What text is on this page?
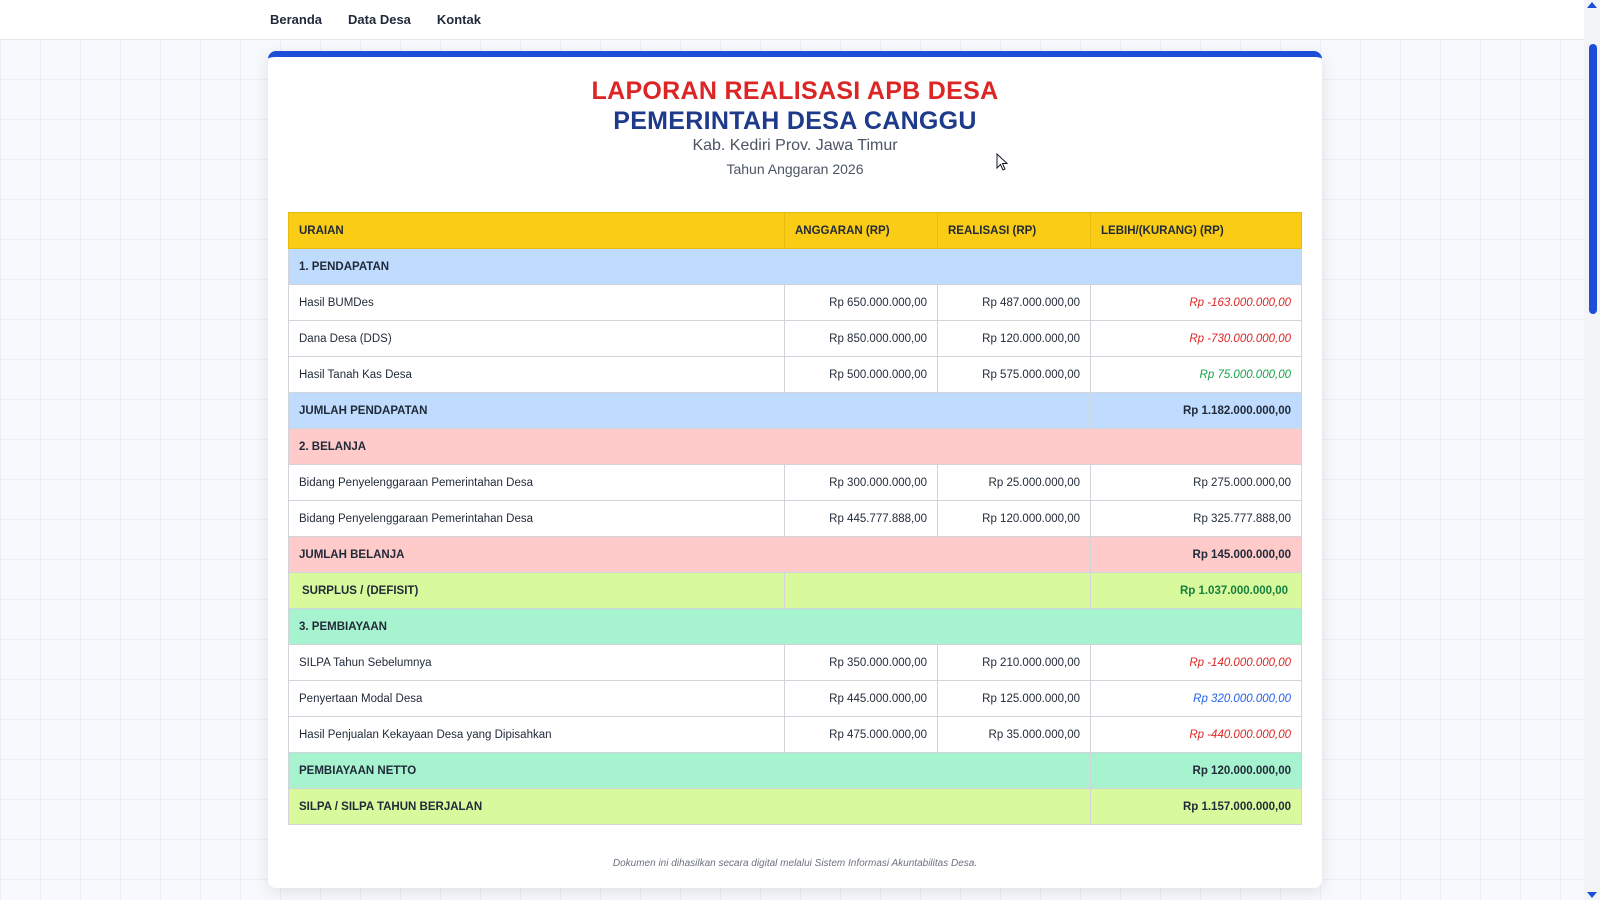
Beranda Data Desa Kontak
LAPORAN REALISASI APB DESA
PEMERINTAH DESA CANGGU
Kab. Kediri Prov. Jawa Timur
Tahun Anggaran 2026
URAIAN	ANGGARAN (RP)	REALISASI (RP)	LEBIH/(KURANG) (RP)
1. PENDAPATAN			
Hasil BUMDes	Rp 650.000.000,00	Rp 487.000.000,00	Rp -163.000.000,00
Dana Desa (DDS)	Rp 850.000.000,00	Rp 120.000.000,00	Rp -730.000.000,00
Hasil Tanah Kas Desa	Rp 500.000.000,00	Rp 575.000.000,00	Rp 75.000.000,00
JUMLAH PENDAPATAN			Rp 1.182.000.000,00
2. BELANJA			
Bidang Penyelenggaraan Pemerintahan Desa	Rp 300.000.000,00	Rp 25.000.000,00	Rp 275.000.000,00
Bidang Penyelenggaraan Pemerintahan Desa	Rp 445.777.888,00	Rp 120.000.000,00	Rp 325.777.888,00
JUMLAH BELANJA			Rp 145.000.000,00
SURPLUS / (DEFISIT)			Rp 1.037.000.000,00
3. PEMBIAYAAN			
SILPA Tahun Sebelumnya	Rp 350.000.000,00	Rp 210.000.000,00	Rp -140.000.000,00
Penyertaan Modal Desa	Rp 445.000.000,00	Rp 125.000.000,00	Rp 320.000.000,00
Hasil Penjualan Kekayaan Desa yang Dipisahkan	Rp 475.000.000,00	Rp 35.000.000,00	Rp -440.000.000,00
PEMBIAYAAN NETTO			Rp 120.000.000,00
SILPA / SILPA TAHUN BERJALAN			Rp 1.157.000.000,00
Dokumen ini dihasilkan secara digital melalui Sistem Informasi Akuntabilitas Desa.
